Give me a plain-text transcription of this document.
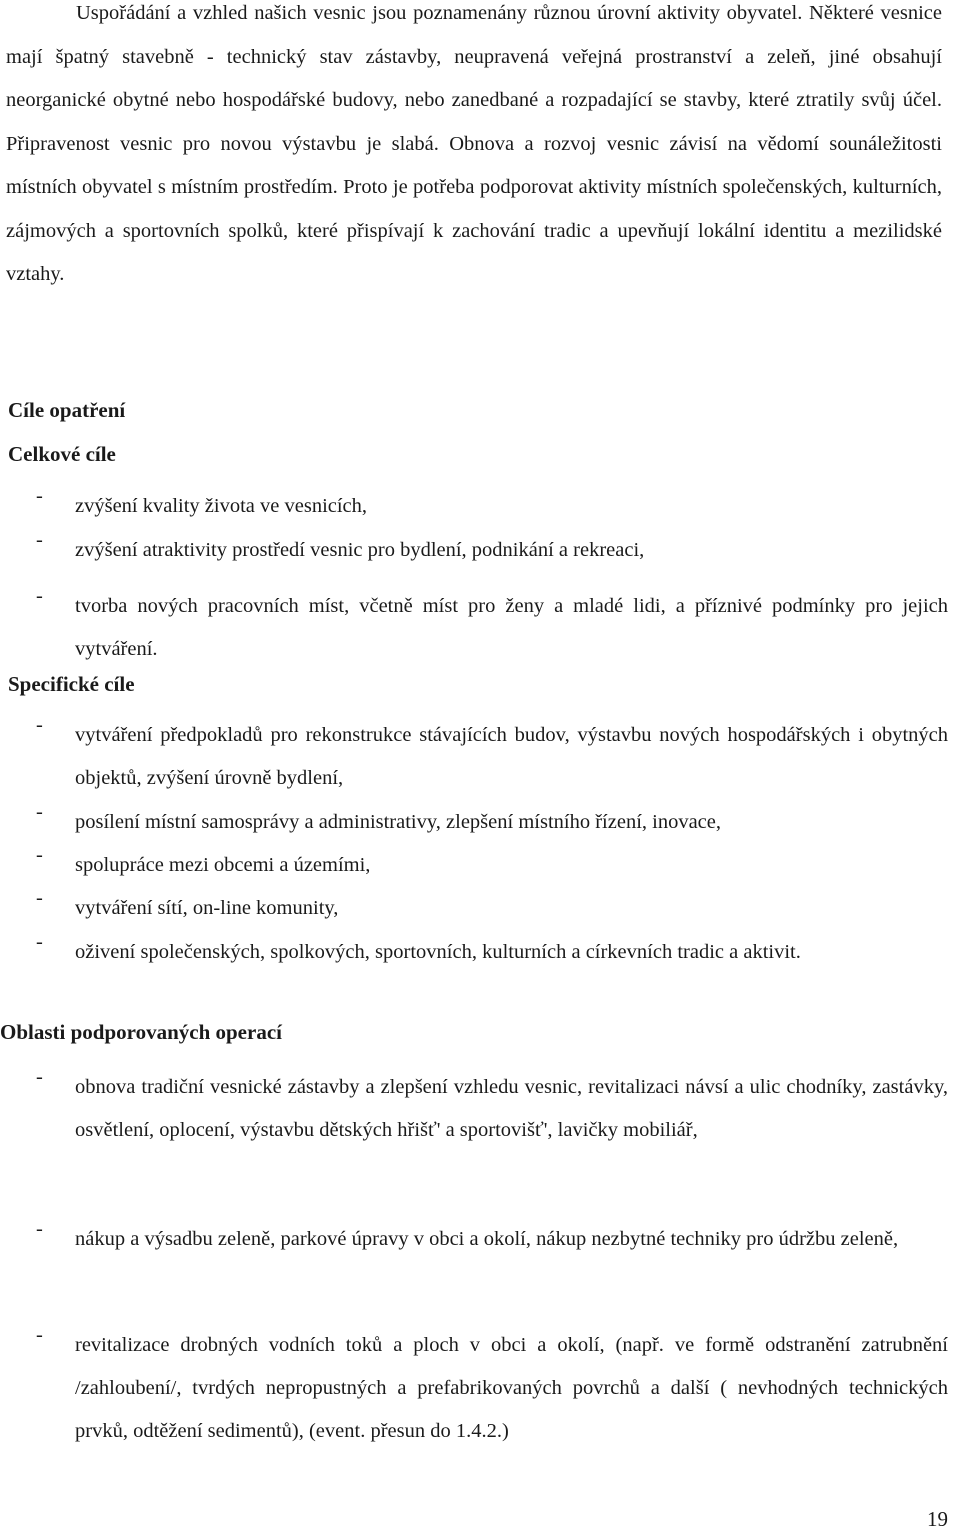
Uspořádání a vzhled našich vesnic jsou poznamenány různou úrovní aktivity obyvatel. Některé vesnice mají špatný stavebně - technický stav zástavby, neupravená veřejná prostranství a zeleň, jiné obsahují neorganické obytné nebo hospodářské budovy, nebo zanedbané a rozpadající se stavby, které ztratily svůj účel. Připravenost vesnic pro novou výstavbu je slabá. Obnova a rozvoj vesnic závisí na vědomí sounáležitosti místních obyvatel s místním prostředím. Proto je potřeba podporovat aktivity místních společenských, kulturních, zájmových a sportovních spolků, které přispívají k zachování tradic a upevňují lokální identitu a mezilidské vztahy.

Cíle opatření
Celkové cíle
- zvýšení kvality života ve vesnicích,
- zvýšení atraktivity prostředí vesnic pro bydlení, podnikání a rekreaci,
- tvorba nových pracovních míst, včetně míst pro ženy a mladé lidi, a příznivé podmínky pro jejich vytváření.
Specifické cíle
- vytváření předpokladů pro rekonstrukce stávajících budov, výstavbu nových hospodářských i obytných objektů, zvýšení úrovně bydlení,
- posílení místní samosprávy a administrativy, zlepšení místního řízení, inovace,
- spolupráce mezi obcemi a územími,
- vytváření sítí, on-line komunity,
- oživení společenských, spolkových, sportovních, kulturních a církevních tradic a aktivit.
Oblasti podporovaných operací
- obnova tradiční vesnické zástavby a zlepšení vzhledu vesnic, revitalizaci návsí a ulic chodníky, zastávky, osvětlení, oplocení, výstavbu dětských hřišť' a sportovišť', lavičky mobiliář,
- nákup a výsadbu zeleně, parkové úpravy v obci a okolí, nákup nezbytné techniky pro údržbu zeleně,
- revitalizace drobných vodních toků a ploch v obci a okolí, (např. ve formě odstranění zatrubnění /zahloubení/, tvrdých nepropustných a prefabrikovaných povrchů a další ( nevhodných technických prvků, odtěžení sedimentů), (event. přesun do 1.4.2.)
19
